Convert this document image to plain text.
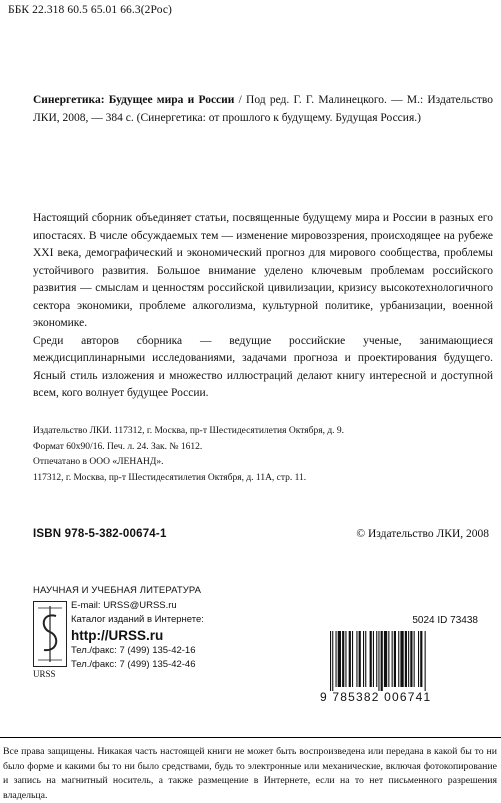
ББК 22.318 60.5 65.01 66.3(2Рос)
Синергетика: Будущее мира и России / Под ред. Г. Г. Малинецкого. — М.: Издательство ЛКИ, 2008, — 384 с. (Синергетика: от прошлого к будущему. Будущая Россия.)

Настоящий сборник объединяет статьи, посвященные будущему мира и России в разных его ипостасях. В числе обсуждаемых тем — изменение мировоззрения, происходящее на рубеже XXI века, демографический и экономический прогноз для мирового сообщества, проблемы устойчивого развития. Большое внимание уделено ключевым проблемам российского развития — смыслам и ценностям российской цивилизации, кризису высокотехнологичного сектора экономики, проблеме алкоголизма, культурной политике, урбанизации, военной экономике.

Среди авторов сборника — ведущие российские ученые, занимающиеся междисциплинарными исследованиями, задачами прогноза и проектирования будущего. Ясный стиль изложения и множество иллюстраций делают книгу интересной и доступной всем, кого волнует будущее России.

Издательство ЛКИ. 117312, г. Москва, пр-т Шестидесятилетия Октября, д. 9.
Формат 60х90/16. Печ. л. 24. Зак. № 1612.
Отпечатано в ООО «ЛЕНАНД».
117312, г. Москва, пр-т Шестидесятилетия Октября, д. 11А, стр. 11.
ISBN 978-5-382-00674-1	© Издательство ЛКИ, 2008
НАУЧНАЯ И УЧЕБНАЯ ЛИТЕРАТУРА
URSS
E-mail: URSS@URSS.ru
Каталог изданий в Интернете:
http://URSS.ru
Тел./факс: 7 (499) 135-42-16
Тел./факс: 7 (499) 135-42-46
5024 ID 73438
9 785382 006741
Все права защищены. Никакая часть настоящей книги не может быть воспроизведена или передана в какой бы то ни было форме и какими бы то ни было средствами, будь то электронные или механические, включая фотокопирование и запись на магнитный носитель, а также размещение в Интернете, если на то нет письменного разрешения владельца.
